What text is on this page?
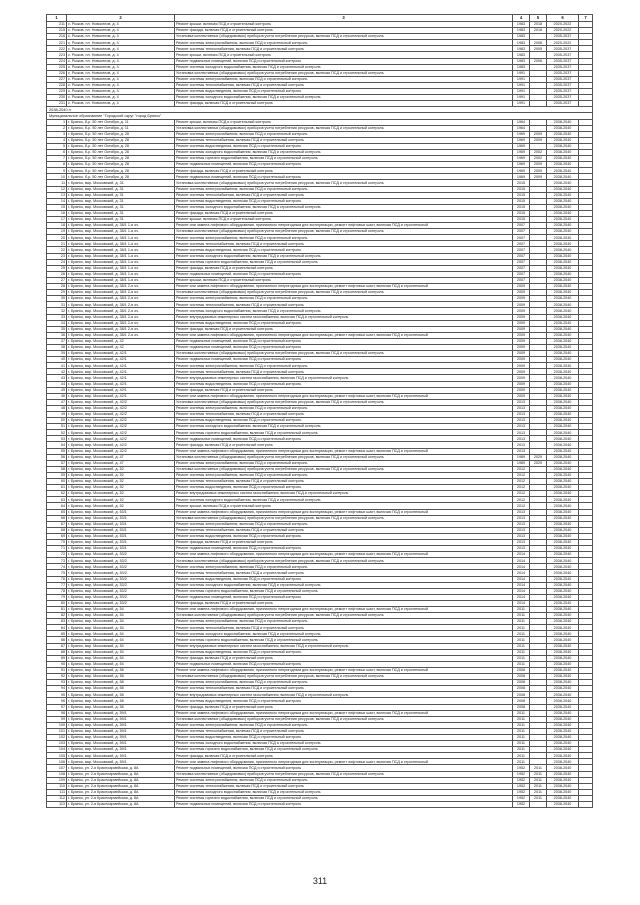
1	2	3	4	5	6	7
211	с. Рыжов, пл. Новоселов, д. 4	Ремонт крыши, включая ПСД и строительный контроль	1983	2018	2020-2022	
215	с. Рыжов, пл. Новоселов, д. 4	Ремонт фасада, включая ПСД и строительный контроль	1983	2018	2020-2022	
216	с. Рыжов, пл. Новоселов, д. 4	Установка коллективных (общедомовых) приборов учета потребления ресурсов, включая ПСД и строительный контроль	1983		2035-2037	
221	с. Рыжов, пл. Новоселов, д. 4	Ремонт системы электроснабжения, включая ПСД и строительный контроль	1983	2006	2020-2022	
222	с. Рыжов, пл. Новоселов, д. 4	Ремонт системы теплоснабжения, включая ПСД и строительный контроль	1983	2005	2035-2037	
223	с. Рыжов, пл. Новоселов, д. 4	Ремонт крыши, включая ПСД и строительный контроль	1983		2035-2037	
224	с. Рыжов, пл. Новоселов, д. 4	Ремонт подвальных помещений, включая ПСД и строительный контроль	1983	2006	2035-2037	
225	с. Рыжов, пл. Новоселов, д. 4	Ремонт системы холодного водоснабжения, включая ПСД и строительный контроль	1983		2035-2037	
226	с. Рыжов, пл. Новоселов, д. 4	Установка коллективных (общедомовых) приборов учета потребления ресурсов, включая ПСД и строительный контроль	1991		2035-2037	
227	с. Рыжов, пл. Новоселов, д. 4	Ремонт системы электроснабжения, включая ПСД и строительный контроль	1991		2035-2037	
228	с. Рыжов, пл. Новоселов, д. 4	Ремонт системы теплоснабжения, включая ПСД и строительный контроль	1991		2035-2037	
229	с. Рыжов, пл. Новоселов, д. 4	Ремонт системы водоотведения, включая ПСД и строительный контроль	1991		2035-2037	
230	с. Рыжов, пл. Новоселов, д. 4	Ремонт системы холодного водоснабжения, включая ПСД и строительный контроль	1991		2035-2037	
231	с. Рыжов, пл. Новоселов, д. 4	Ремонт фасада, включая ПСД и строительный контроль	1991		2035-2037	
2038-2040 гг						
Муниципальное образование "Городской округ "город Брянск"						
1	г. Брянск, б-р. 50 лет Октября, д. 11	Ремонт крыши, включая ПСД и строительный контроль	1964		2038-2040	
2	г. Брянск, б-р. 50 лет Октября, д. 11	Установка коллективных (общедомовых) приборов учета потребления ресурсов, включая ПСД и строительный контроль	1964		2038-2040	
3	г. Брянск, б-р. 50 лет Октября, д. 28	Ремонт системы электроснабжения, включая ПСД и строительный контроль	1969	2009	2038-2040	
4	г. Брянск, б-р. 50 лет Октября, д. 28	Ремонт системы теплоснабжения, включая ПСД и строительный контроль	1969	2009	2038-2040	
5	г. Брянск, б-р. 50 лет Октября, д. 28	Ремонт системы водоотведения, включая ПСД и строительный контроль	1969		2038-2040	
6	г. Брянск, б-р. 50 лет Октября, д. 28	Ремонт системы холодного водоснабжения, включая ПСД и строительный контроль	1969	2002	2038-2040	
7	г. Брянск, б-р. 50 лет Октября, д. 28	Ремонт системы горячего водоснабжения, включая ПСД и строительный контроль	1969	2002	2038-2040	
8	г. Брянск, б-р. 50 лет Октября, д. 28	Ремонт подвальных помещений, включая ПСД и строительный контроль	1969	2009	2038-2040	
9	г. Брянск, б-р. 50 лет Октября, д. 28	Ремонт фасада, включая ПСД и строительный контроль	1969	2009	2038-2040	
10	г. Брянск, б-р. 50 лет Октября, д. 28	Ремонт подвальных помещений, включая ПСД и строительный контроль	1969	2009	2038-2040	
11	г. Брянск, мкр. Московский, д. 31	Установка коллективных (общедомовых) приборов учета потребления ресурсов, включая ПСД и строительный контроль	2015		2038-2040	
12	г. Брянск, мкр. Московский, д. 31	Ремонт системы электроснабжения, включая ПСД и строительный контроль	2015		2038-2040	
13	г. Брянск, мкр. Московский, д. 31	Ремонт системы теплоснабжения, включая ПСД и строительный контроль	2015		2038-2040	
14	г. Брянск, мкр. Московский, д. 31	Ремонт системы водоотведения, включая ПСД и строительный контроль	2015		2038-2040	
15	г. Брянск, мкр. Московский, д. 31	Ремонт системы холодного водоснабжения, включая ПСД и строительный контроль	2015		2038-2040	
16	г. Брянск, мкр. Московский, д. 31	Ремонт фасада, включая ПСД и строительный контроль	2015		2038-2040	
17	г. Брянск, мкр. Московский, д. 31	Ремонт крыши, включая ПСД и строительный контроль	2015		2038-2040	
18	г. Брянск, мкр. Московский, д. 38/1 1-я оч.	Ремонт или замена лифтового оборудования, признанного непригодным для эксплуатации, ремонт лифтовых шахт, включая ПСД и строительный	2007		2038-2040	
19	г. Брянск, мкр. Московский, д. 38/1 1-я оч.	Установка коллективных (общедомовых) приборов учета потребления ресурсов, включая ПСД и строительный контроль	2007		2038-2040	
20	г. Брянск, мкр. Московский, д. 38/1 1-я оч.	Ремонт системы электроснабжения, включая ПСД и строительный контроль	2007		2038-2040	
21	г. Брянск, мкр. Московский, д. 38/1 1-я оч.	Ремонт системы теплоснабжения, включая ПСД и строительный контроль	2007		2038-2040	
22	г. Брянск, мкр. Московский, д. 38/1 1-я оч.	Ремонт системы водоотведения, включая ПСД и строительный контроль	2007		2038-2040	
23	г. Брянск, мкр. Московский, д. 38/1 1-я оч.	Ремонт системы холодного водоснабжения, включая ПСД и строительный контроль	2007		2038-2040	
24	г. Брянск, мкр. Московский, д. 38/1 1-я оч.	Ремонт системы горячего водоснабжения, включая ПСД и строительный контроль	2007		2038-2040	
25	г. Брянск, мкр. Московский, д. 38/1 1-я оч.	Ремонт фасада, включая ПСД и строительный контроль	2007		2038-2040	
26	г. Брянск, мкр. Московский, д. 38/1 1-я оч.	Ремонт подвальных помещений, включая ПСД и строительный контроль	2007		2038-2040	
27	г. Брянск, мкр. Московский, д. 38/1 1-я оч.	Ремонт крыши, включая ПСД и строительный контроль	2007		2038-2040	
28	г. Брянск, мкр. Московский, д. 38/1 2-я оч.	Ремонт или замена лифтового оборудования, признанного непригодным для эксплуатации, ремонт лифтовых шахт, включая ПСД и строительный	2009		2038-2040	
29	г. Брянск, мкр. Московский, д. 38/1 2-я оч.	Установка коллективных (общедомовых) приборов учета потребления ресурсов, включая ПСД и строительный контроль	2009		2038-2040	
30	г. Брянск, мкр. Московский, д. 38/1 2-я оч.	Ремонт системы электроснабжения, включая ПСД и строительный контроль	2009		2038-2040	
31	г. Брянск, мкр. Московский, д. 38/1 2-я оч.	Ремонт системы теплоснабжения, включая ПСД и строительный контроль	2009		2038-2040	
32	г. Брянск, мкр. Московский, д. 38/1 2-я оч.	Ремонт системы холодного водоснабжения, включая ПСД и строительный контроль	2009		2038-2040	
33	г. Брянск, мкр. Московский, д. 38/1 2-я оч.	Ремонт внутридомовых инженерных систем газоснабжения, включая ПСД и строительный контроль	2009		2038-2040	
34	г. Брянск, мкр. Московский, д. 38/1 2-я оч.	Ремонт системы водоотведения, включая ПСД и строительный контроль	2009		2038-2040	
35	г. Брянск, мкр. Московский, д. 38/1 2-я оч.	Ремонт фасада, включая ПСД и строительный контроль	2009		2038-2040	
36	г. Брянск, мкр. Московский, д. 38/1 2-я оч.	Ремонт или замена лифтового оборудования, признанного непригодным для эксплуатации, ремонт лифтовых шахт, включая ПСД и строительный	2009		2038-2040	
37	г. Брянск, мкр. Московский, д. 42	Ремонт подвальных помещений, включая ПСД и строительный контроль	2009		2038-2040	
38	г. Брянск, мкр. Московский, д. 42	Ремонт подвальных помещений, включая ПСД и строительный контроль	2009		2038-2040	
39	г. Брянск, мкр. Московский, д. 42/1	Установка коллективных (общедомовых) приборов учета потребления ресурсов, включая ПСД и строительный контроль	2009		2038-2040	
40	г. Брянск, мкр. Московский, д. 42/1	Ремонт подвальных помещений, включая ПСД и строительный контроль	2009		2038-2040	
41	г. Брянск, мкр. Московский, д. 42/1	Ремонт системы электроснабжения, включая ПСД и строительный контроль	2009		2038-2040	
42	г. Брянск, мкр. Московский, д. 42/1	Ремонт системы теплоснабжения, включая ПСД и строительный контроль	2009		2038-2040	
43	г. Брянск, мкр. Московский, д. 42/1	Ремонт внутридомовых инженерных систем газоснабжения, включая ПСД и строительный контроль	2009		2038-2040	
44	г. Брянск, мкр. Московский, д. 42/1	Ремонт системы водоотведения, включая ПСД и строительный контроль	2009		2038-2040	
45	г. Брянск, мкр. Московский, д. 42/1	Ремонт фасада, включая ПСД и строительный контроль	2009		2038-2040	
46	г. Брянск, мкр. Московский, д. 42/1	Ремонт или замена лифтового оборудования, признанного непригодным для эксплуатации, ремонт лифтовых шахт, включая ПСД и строительный	2009		2038-2040	
47	г. Брянск, мкр. Московский, д. 42/2	Установка коллективных (общедомовых) приборов учета потребления ресурсов, включая ПСД и строительный контроль	2013		2038-2040	
48	г. Брянск, мкр. Московский, д. 42/2	Ремонт системы электроснабжения, включая ПСД и строительный контроль	2013		2038-2040	
49	г. Брянск, мкр. Московский, д. 42/2	Ремонт системы теплоснабжения, включая ПСД и строительный контроль	2013		2038-2040	
50	г. Брянск, мкр. Московский, д. 42/2	Ремонт системы водоотведения, включая ПСД и строительный контроль	2013		2038-2040	
51	г. Брянск, мкр. Московский, д. 42/2	Ремонт системы холодного водоснабжения, включая ПСД и строительный контроль	2013		2038-2040	
52	г. Брянск, мкр. Московский, д. 42/2	Ремонт системы горячего водоснабжения, включая ПСД и строительный контроль	2013		2038-2040	
53	г. Брянск, мкр. Московский, д. 42/2	Ремонт подвальных помещений, включая ПСД и строительный контроль	2013		2038-2040	
54	г. Брянск, мкр. Московский, д. 42/2	Ремонт фасада, включая ПСД и строительный контроль	2013		2038-2040	
55	г. Брянск, мкр. Московский, д. 42/2	Ремонт или замена лифтового оборудования, признанного непригодным для эксплуатации, ремонт лифтовых шахт, включая ПСД и строительный	2013		2038-2040	
56	г. Брянск, мкр. Московский, д. 47	Установка коллективных (общедомовых) приборов учета потребления ресурсов, включая ПСД и строительный контроль	1989	2029	2038-2040	
57	г. Брянск, мкр. Московский, д. 47	Ремонт системы электроснабжения, включая ПСД и строительный контроль	1989	2029	2038-2040	
58	г. Брянск, мкр. Московский, д. 52	Установка коллективных (общедомовых) приборов учета потребления ресурсов, включая ПСД и строительный контроль	2012		2038-2040	
59	г. Брянск, мкр. Московский, д. 52	Ремонт системы электроснабжения, включая ПСД и строительный контроль	2012		2038-2040	
60	г. Брянск, мкр. Московский, д. 52	Ремонт системы теплоснабжения, включая ПСД и строительный контроль	2012		2038-2040	
61	г. Брянск, мкр. Московский, д. 52	Ремонт системы водоотведения, включая ПСД и строительный контроль	2012		2038-2040	
62	г. Брянск, мкр. Московский, д. 52	Ремонт внутридомовых инженерных систем газоснабжения, включая ПСД и строительный контроль	2012		2038-2040	
63	г. Брянск, мкр. Московский, д. 52	Ремонт системы холодного водоснабжения, включая ПСД и строительный контроль	2012		2038-2040	
64	г. Брянск, мкр. Московский, д. 52	Ремонт крыши, включая ПСД и строительный контроль	2012		2038-2040	
65	г. Брянск, мкр. Московский, д. 53/1	Ремонт или замена лифтового оборудования, признанного непригодным для эксплуатации, ремонт лифтовых шахт, включая ПСД и строительный	2013		2038-2040	
66	г. Брянск, мкр. Московский, д. 53/1	Установка коллективных (общедомовых) приборов учета потребления ресурсов, включая ПСД и строительный контроль	2013		2038-2040	
67	г. Брянск, мкр. Московский, д. 53/1	Ремонт системы электроснабжения, включая ПСД и строительный контроль	2013		2038-2040	
68	г. Брянск, мкр. Московский, д. 53/1	Ремонт системы теплоснабжения, включая ПСД и строительный контроль	2013		2038-2040	
69	г. Брянск, мкр. Московский, д. 53/1	Ремонт системы водоотведения, включая ПСД и строительный контроль	2013		2038-2040	
70	г. Брянск, мкр. Московский, д. 53/1	Ремонт фасада, включая ПСД и строительный контроль	2013		2038-2040	
71	г. Брянск, мкр. Московский, д. 53/1	Ремонт подвальных помещений, включая ПСД и строительный контроль	2013		2038-2040	
72	г. Брянск, мкр. Московский, д. 53/2	Ремонт или замена лифтового оборудования, признанного непригодным для эксплуатации, ремонт лифтовых шахт, включая ПСД и строительный	2014		2038-2040	
73	г. Брянск, мкр. Московский, д. 53/2	Установка коллективных (общедомовых) приборов учета потребления ресурсов, включая ПСД и строительный контроль	2014		2038-2040	
74	г. Брянск, мкр. Московский, д. 53/2	Ремонт системы электроснабжения, включая ПСД и строительный контроль	2014		2038-2040	
75	г. Брянск, мкр. Московский, д. 53/2	Ремонт системы теплоснабжения, включая ПСД и строительный контроль	2014		2038-2040	
76	г. Брянск, мкр. Московский, д. 53/2	Ремонт системы водоотведения, включая ПСД и строительный контроль	2014		2038-2040	
77	г. Брянск, мкр. Московский, д. 53/2	Ремонт системы холодного водоснабжения, включая ПСД и строительный контроль	2014		2038-2040	
78	г. Брянск, мкр. Московский, д. 53/2	Ремонт системы горячего водоснабжения, включая ПСД и строительный контроль	2014		2038-2040	
79	г. Брянск, мкр. Московский, д. 53/2	Ремонт подвальных помещений, включая ПСД и строительный контроль	2014		2038-2040	
80	г. Брянск, мкр. Московский, д. 53/2	Ремонт фасада, включая ПСД и строительный контроль	2014		2038-2040	
81	г. Брянск, мкр. Московский, д. 54	Ремонт или замена лифтового оборудования, признанного непригодным для эксплуатации, ремонт лифтовых шахт, включая ПСД и строительный	2011		2038-2040	
82	г. Брянск, мкр. Московский, д. 54	Установка коллективных (общедомовых) приборов учета потребления ресурсов, включая ПСД и строительный контроль	2011		2038-2040	
83	г. Брянск, мкр. Московский, д. 54	Ремонт системы электроснабжения, включая ПСД и строительный контроль	2011		2038-2040	
84	г. Брянск, мкр. Московский, д. 54	Ремонт системы теплоснабжения, включая ПСД и строительный контроль	2011		2038-2040	
85	г. Брянск, мкр. Московский, д. 54	Ремонт системы холодного водоснабжения, включая ПСД и строительный контроль	2011		2038-2040	
86	г. Брянск, мкр. Московский, д. 54	Ремонт системы горячего водоснабжения, включая ПСД и строительный контроль	2011		2038-2040	
87	г. Брянск, мкр. Московский, д. 54	Ремонт внутридомовых инженерных систем газоснабжения, включая ПСД и строительный контроль	2011		2038-2040	
88	г. Брянск, мкр. Московский, д. 54	Ремонт системы водоотведения, включая ПСД и строительный контроль	2011		2038-2040	
89	г. Брянск, мкр. Московский, д. 54	Ремонт фасада, включая ПСД и строительный контроль	2011		2038-2040	
90	г. Брянск, мкр. Московский, д. 54	Ремонт подвальных помещений, включая ПСД и строительный контроль	2011		2038-2040	
91	г. Брянск, мкр. Московский, д. 58	Ремонт или замена лифтового оборудования, признанного непригодным для эксплуатации, ремонт лифтовых шахт, включая ПСД и строительный	2008		2038-2040	
92	г. Брянск, мкр. Московский, д. 58	Установка коллективных (общедомовых) приборов учета потребления ресурсов, включая ПСД и строительный контроль	2008		2038-2040	
93	г. Брянск, мкр. Московский, д. 58	Ремонт системы электроснабжения, включая ПСД и строительный контроль	2008		2038-2040	
94	г. Брянск, мкр. Московский, д. 58	Ремонт системы теплоснабжения, включая ПСД и строительный контроль	2008		2038-2040	
95	г. Брянск, мкр. Московский, д. 58	Ремонт внутридомовых инженерных систем газоснабжения, включая ПСД и строительный контроль	2008		2038-2040	
96	г. Брянск, мкр. Московский, д. 58	Ремонт системы водоотведения, включая ПСД и строительный контроль	2008		2038-2040	
97	г. Брянск, мкр. Московский, д. 58	Ремонт фасада, включая ПСД и строительный контроль	2008		2038-2040	
98	г. Брянск, мкр. Московский, д. 59/1	Ремонт или замена лифтового оборудования, признанного непригодным для эксплуатации, ремонт лифтовых шахт, включая ПСД и строительный	2011		2038-2040	
99	г. Брянск, мкр. Московский, д. 59/1	Установка коллективных (общедомовых) приборов учета потребления ресурсов, включая ПСД и строительный контроль	2011		2038-2040	
100	г. Брянск, мкр. Московский, д. 59/1	Ремонт системы электроснабжения, включая ПСД и строительный контроль	2011		2038-2040	
101	г. Брянск, мкр. Московский, д. 59/1	Ремонт системы теплоснабжения, включая ПСД и строительный контроль	2011		2038-2040	
102	г. Брянск, мкр. Московский, д. 59/1	Ремонт системы водоотведения, включая ПСД и строительный контроль	2011		2038-2040	
103	г. Брянск, мкр. Московский, д. 59/1	Ремонт системы холодного водоснабжения, включая ПСД и строительный контроль	2011		2038-2040	
104	г. Брянск, мкр. Московский, д. 59/1	Ремонт системы горячего водоснабжения, включая ПСД и строительный контроль	2011		2038-2040	
105	г. Брянск, мкр. Московский, д. 59/1	Ремонт фасада, включая ПСД и строительный контроль	2011		2038-2040	
106	г. Брянск, мкр. Московский, д. 59/1	Ремонт или замена лифтового оборудования, признанного непригодным для эксплуатации, ремонт лифтовых шахт, включая ПСД и строительный	2011		2038-2040	
107	г. Брянск, ул. 2-я Красноармейская, д. 8А	Ремонт подвальных помещений, включая ПСД и строительный контроль	1952	2011	2038-2040	
108	г. Брянск, ул. 2-я Красноармейская, д. 8А	Установка коллективных (общедомовых) приборов учета потребления ресурсов, включая ПСД и строительный контроль	1952	2011	2038-2040	
109	г. Брянск, ул. 2-я Красноармейская, д. 8А	Ремонт системы электроснабжения, включая ПСД и строительный контроль	1952	2011	2038-2040	
110	г. Брянск, ул. 2-я Красноармейская, д. 8А	Ремонт системы теплоснабжения, включая ПСД и строительный контроль	1952	2011	2038-2040	
111	г. Брянск, ул. 2-я Красноармейская, д. 8А	Ремонт системы холодного водоснабжения, включая ПСД и строительный контроль	1952	2011	2038-2040	
112	г. Брянск, ул. 2-я Красноармейская, д. 8А	Ремонт системы горячего водоснабжения, включая ПСД и строительный контроль	1952	2011	2038-2040	
113	г. Брянск, ул. 2-я Красноармейская, д. 8А	Ремонт подвальных помещений, включая ПСД и строительный контроль	1952		2038-2040	
311
